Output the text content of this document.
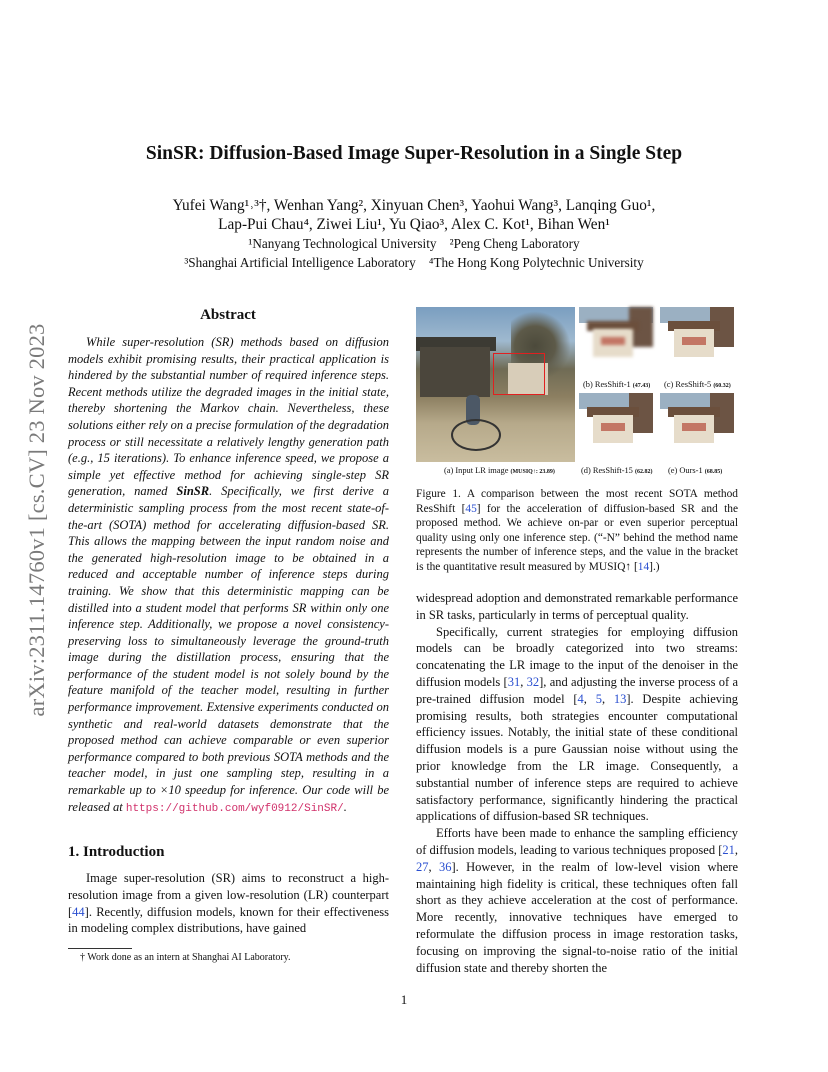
arXiv:2311.14760v1 [cs.CV] 23 Nov 2023
SinSR: Diffusion-Based Image Super-Resolution in a Single Step
Yufei Wang¹˒³†, Wenhan Yang², Xinyuan Chen³, Yaohui Wang³, Lanqing Guo¹,
Lap-Pui Chau⁴, Ziwei Liu¹, Yu Qiao³, Alex C. Kot¹, Bihan Wen¹
¹Nanyang Technological University    ²Peng Cheng Laboratory
³Shanghai Artificial Intelligence Laboratory    ⁴The Hong Kong Polytechnic University
Abstract

While super-resolution (SR) methods based on diffusion models exhibit promising results, their practical application is hindered by the substantial number of required inference steps. Recent methods utilize the degraded images in the initial state, thereby shortening the Markov chain. Nevertheless, these solutions either rely on a precise formulation of the degradation process or still necessitate a relatively lengthy generation path (e.g., 15 iterations). To enhance inference speed, we propose a simple yet effective method for achieving single-step SR generation, named SinSR. Specifically, we first derive a deterministic sampling process from the most recent state-of-the-art (SOTA) method for accelerating diffusion-based SR. This allows the mapping between the input random noise and the generated high-resolution image to be obtained in a reduced and acceptable number of inference steps during training. We show that this deterministic mapping can be distilled into a student model that performs SR within only one inference step. Additionally, we propose a novel consistency-preserving loss to simultaneously leverage the ground-truth image during the distillation process, ensuring that the performance of the student model is not solely bound by the feature manifold of the teacher model, resulting in further performance improvement. Extensive experiments conducted on synthetic and real-world datasets demonstrate that the proposed method can achieve comparable or even superior performance compared to both previous SOTA methods and the teacher model, in just one sampling step, resulting in a remarkable up to ×10 speedup for inference. Our code will be released at https://github.com/wyf0912/SinSR/.

1. Introduction

Image super-resolution (SR) aims to reconstruct a high-resolution image from a given low-resolution (LR) counterpart [44]. Recently, diffusion models, known for their effectiveness in modeling complex distributions, have gained

† Work done as an intern at Shanghai AI Laboratory.
(b) ResShift-1 (47.43) (c) ResShift-5 (60.32)
(a) Input LR image (MUSIQ↑: 23.89)	(d) ResShift-15 (62.82) (e) Ours-1 (68.85)
Figure 1. A comparison between the most recent SOTA method ResShift [45] for the acceleration of diffusion-based SR and the proposed method. We achieve on-par or even superior perceptual quality using only one inference step. (“-N” behind the method name represents the number of inference steps, and the value in the bracket is the quantitative result measured by MUSIQ↑ [14].)

widespread adoption and demonstrated remarkable performance in SR tasks, particularly in terms of perceptual quality.

Specifically, current strategies for employing diffusion models can be broadly categorized into two streams: concatenating the LR image to the input of the denoiser in the diffusion models [31, 32], and adjusting the inverse process of a pre-trained diffusion model [4, 5, 13]. Despite achieving promising results, both strategies encounter computational efficiency issues. Notably, the initial state of these conditional diffusion models is a pure Gaussian noise without using the prior knowledge from the LR image. Consequently, a substantial number of inference steps are required to achieve satisfactory performance, significantly hindering the practical applications of diffusion-based SR techniques.

Efforts have been made to enhance the sampling efficiency of diffusion models, leading to various techniques proposed [21, 27, 36]. However, in the realm of low-level vision where maintaining high fidelity is critical, these techniques often fall short as they achieve acceleration at the cost of performance. More recently, innovative techniques have emerged to reformulate the diffusion process in image restoration tasks, focusing on improving the signal-to-noise ratio of the initial diffusion state and thereby shorten the

1
